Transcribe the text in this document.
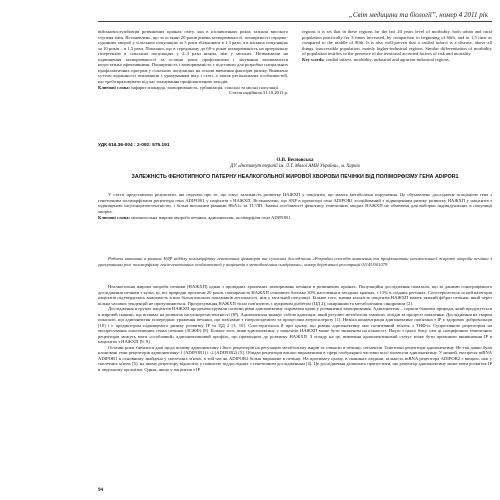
„Світ медицини та біології”, номер 4 2011 рік

військовослужбовців розвинених країнах світу, яка в післявоєнних роках зазнала високого ступеня змін. Встановлено, що за останні 20 років рівень захворюваності, поширеності серцево-судинних хвороб у сільських популяціях за 3 роки збільшився в 1,3 рази, а в міських популяціях за 10 років – в 1,5 рази. Показано, що в середньому до 60-х років захворюваність на артеріальну гіпертензію в сільських популяціях у 2–3 рази нижча, ніж у міських. Незважаючи на підвищення захворюваності за останні роки, профілактика і лікування залишаються недостатньо ефективними. Поширеність і захворюваність є підставою для розробки спеціальних профілактичних програм у сільських популяціях на основі вивчення факторів ризику. Виявлено суттєві відмінності показників з урахуванням віку і статі, а також регіональних особливостей, що треба враховувати під час планування профілактичних заходів.

Ключові слова: інфаркт міокарда, захворюваність, урбанізація, сільські та міські популяції.

Стаття надійшла 31.10.2011 р.

regions it is set that in these regions for the last 20 years level of morbidity, both urban and rural population practically for 3 times increased, by comparison to beginning of 60th, and in 1,5 time as compared to the middle of 80th. It is also well-proven that a cardial infarct is a disease, above all things, inaccessible population, mainly higher-industrial regions. Similar differentiation of morbidity of population testifies to the presence of the territorial accented factors of risk and mortality.

Key words: cardial infarct, morbidity, industrial and agrarian-industrial regions.

УДК 616.36-004 : 2-092: 575.191
О.В. Весновська
ДУ «Інститут терапії ім. Л.Т. Малої АМН України», м. Харків
ЗАЛЕЖНІСТЬ ФЕНОТИПНОГО ПАТЕРНУ НЕАЛКОГОЛЬНОЇ ЖИРОВОЇ ХВОРОБИ ПЕЧІНКИ ВІД ПОЛІМОРФІЗМУ ГЕНА ADIPOR1

У статті представлено результати, які свідчать про те, що існує залежність розвитку НАЖХП у пацієнтів, що мають метаболічні порушення. Це обумовлено досліджене асоціацією гена з генетичним поліморфізмом рецептора гена ADIPOR1 у пацієнтів з НАЖХП. Встановлено, що SNP в промоторі гена ADIPOR1 асоційований з підвищенням ризику розвитку НАЖХП у пацієнтів з підвищеною інсулінорезистентністю, і більш високими рівнями HbA1c та ТГ/ЛП. Значні особливості фенотипу генетичних хворих НАЖХП не обмежені для виборки індивідуальних в популяції хворих.

Ключові слова: неалкогольна жирова хвороба печінки, адипонектин, поліморфізм гена ADIPOR1.

Робота виконана в рамках НДР відділу поліморфізму генетичних факторів та сучасних досліджень «Розробка способів виявлення та профілактики неалкогольної жирової хвороби печінки з урахуванням ролі поліморфізму генів-генетичних особливостей у пацієнтів з метаболічним синдромом», номер державної реєстрації 0114U001079.

Неалкогольна жирова хвороба печінки (НАЖХП) однак з провідних хронічних захворювань печінки в розвинених країнах. Популяційні дослідження показали, що за даними сонографічного дослідження печінки з культ, ці, всі природні протягом 20 років, поширеність НАЖХП становить близько 30% населення в західних країнах, з 15% в східних регіонах. Спостерігається за цей категорія пацієнтів підтвердилась важливість в них більш високих показників летальності, ніж у загальній популяції. Більше того, значна кількість пацієнтів НАЖХП мають тяжкий фіброз печінки, який через кілька часових тенденцій не призупиняється. Прогресування НАЖХП тісно пов'язують з цукровим діабетом (ЦД 2), ожирінням та метаболічним синдромом [2].

Дослідження в групах пацієнтів НАЖХП продемонстрували оптичні рівні адипонектину сироватки крові у розвиненні захворювання. Адипонектин – гормон білкової природи, який продукується в жировій тканині, що впливає на розвиток інсулінорезистентності (ІР). Адипонектин знижує собою адипоцит, який регулює метаболізм глюкози, ліпідів та процеси запалення. Дослідження на тварин показало, що адипонектин попереджає ураження печінки, що пов'язане з гіперліпідемією та процесами атеросклерозу [1]. Низька концентрація адипонектину пов'язана з IP у здорових добровольців [10] і є предиктором підвищеного ризику розвитку IP та ЦД 2 [3, 10]. Спостерігалося й при цьому, що рівень адипонектину має позитивний зв'язок з ТНФ-α. Супресивною рецептором на експресування ліпогеничних генах печінки (ЗСЖФ) [8]. Більше того, вияв адипонектину у пацієнтів НАЖХП може бути зниженим на кількості. Надто з цього боку, сам ці специфічних генетичних рецепторів можуть мати «особливий» адипонектиновий профіль, що призводить до розвитку НАЖХП. З огляду на це, вивчення адипонектиновий статус може бути причиною виникнення IP в пацієнтах з НАЖХП [8, 9].

Останні роки з'явилися дані щодо впливу адипонектину і його рецепторів на регуляцію метаболізму жирів та глюкози в печінці, сегментів. Генетичні рецептори адипонектину. Не так давно були клоновані гени рецепторів адипонектину-1 (ADIPOR1) і -2 (ADIPOR2) [5]. Обидва рецептори високо вираженими в сфері глобулярної частини всієї молекули адипонектину. У мишей, експресія mRNA ADIPOR1 в основному знайдена у скелетних м'язах, в той час як ADIPOR2 більш виражене в печінці. На противагу цьому, в тканинах людини, кількість mRNA рецептора ADIPOR2 є вищою, ніж у скелетних м'язах [5], на якому рецептору відносять у повністю піддослідних з генетичним дослідженням [4]. Це дослідження дозволить припустити, що рецептор адипонектину може мати розвиток IP в людському організмі. Однак, якщо у пацієнтів з IP

94
